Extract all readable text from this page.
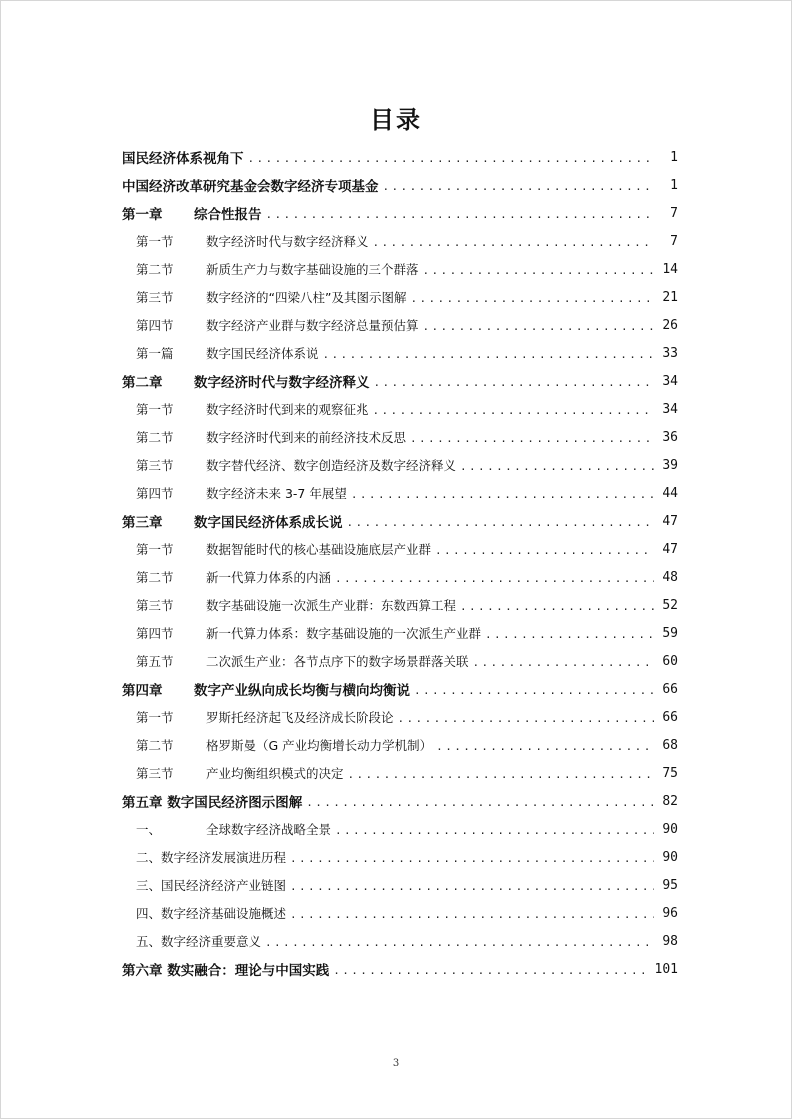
目录
国民经济体系视角下 .....	1
中国经济改革研究基金会数字经济专项基金 .....	1
第一章 综合性报告 .....	7
第一节	数字经济时代与数字经济释义 .....	7
第二节	新质生产力与数字基础设施的三个群落 .....	14
第三节	数字经济的“四梁八柱”及其图示图解 .....	21
第四节	数字经济产业群与数字经济总量预估算 .....	26
第一篇	数字国民经济体系说 .....	33
第二章 数字经济时代与数字经济释义 .....	34
第一节	数字经济时代到来的观察征兆 .....	34
第二节	数字经济时代到来的前经济技术反思 .....	36
第三节	数字替代经济、数字创造经济及数字经济释义 .....	39
第四节	数字经济未来 3-7 年展望 .....	44
第三章 数字国民经济体系成长说 .....	47
第一节	数据智能时代的核心基础设施底层产业群 .....	47
第二节	新一代算力体系的内涵 .....	48
第三节	数字基础设施一次派生产业群：东数西算工程 .....	52
第四节	新一代算力体系：数字基础设施的一次派生产业群 .....	59
第五节	二次派生产业：各节点序下的数字场景群落关联 .....	60
第四章 数字产业纵向成长均衡与横向均衡说 .....	66
第一节	罗斯托经济起飞及经济成长阶段论 .....	66
第二节	格罗斯曼（G 产业均衡增长动力学机制） .....	68
第三节	产业均衡组织模式的决定 .....	75
第五章 数字国民经济图示图解 .....	82
一、	全球数字经济战略全景 .....	90
二、数字经济发展演进历程 .....	90
三、国民经济经济产业链图 .....	95
四、数字经济基础设施概述 .....	96
五、数字经济重要意义 .....	98
第六章 数实融合：理论与中国实践 .....	101
3
